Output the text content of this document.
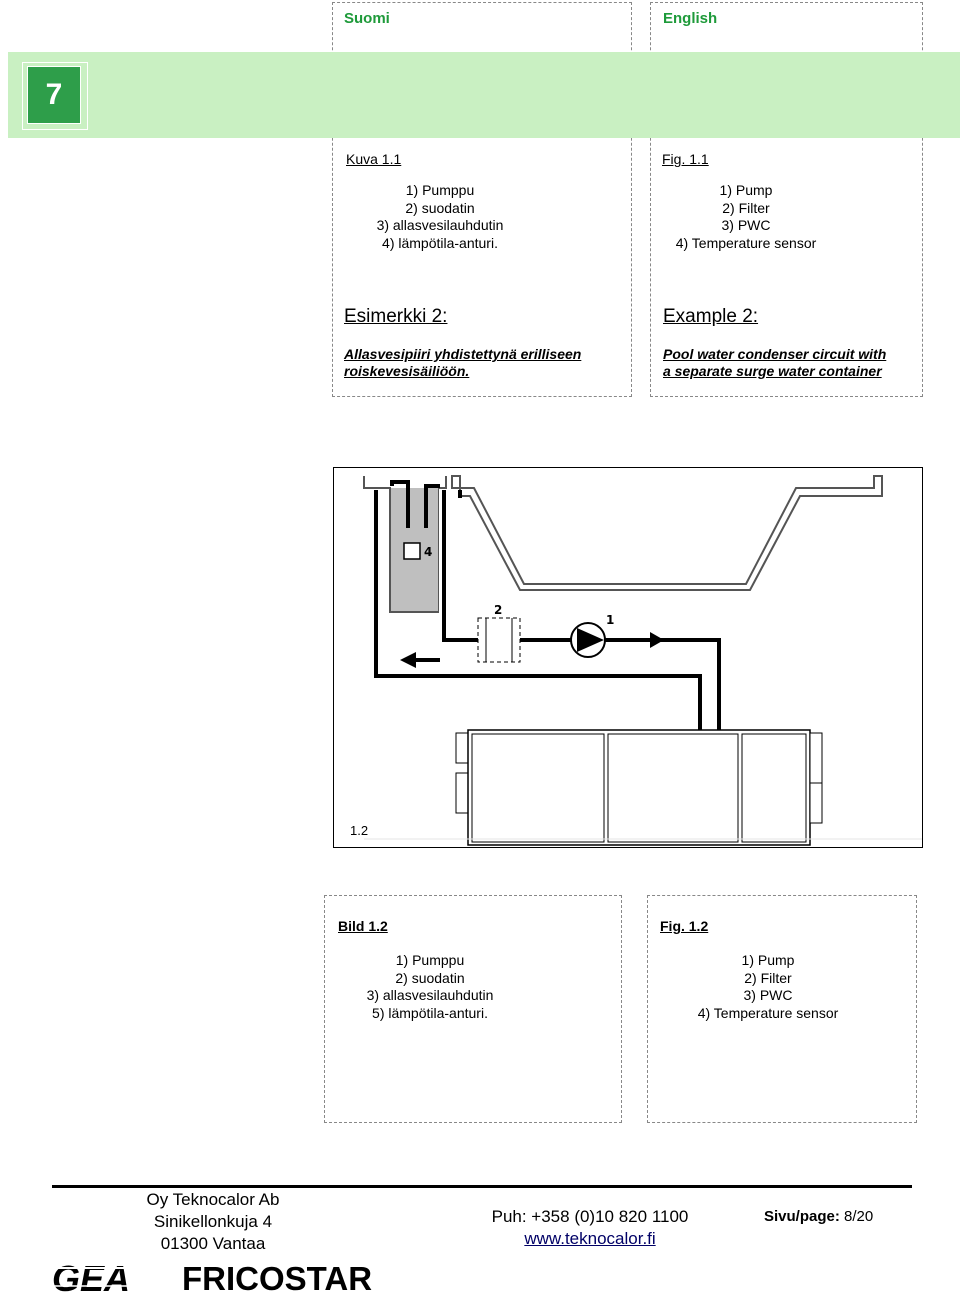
7
Suomi	English
Kuva 1.1
1) Pumppu
2) suodatin
3) allasvesilauhdutin
4) lämpötila-anturi.
Fig. 1.1
1) Pump
2) Filter
3) PWC
4) Temperature sensor
Esimerkki 2:
Allasvesipiiri yhdistettynä erilliseen
roiskevesisäiliöön.
Example 2:
Pool water condenser circuit with
a separate surge water container
4
2
1
1.2
Bild 1.2
1) Pumppu
2) suodatin
3) allasvesilauhdutin
5) lämpötila-anturi.
Fig. 1.2
1) Pump
2) Filter
3) PWC
4) Temperature sensor
Oy Teknocalor Ab
Sinikellonkuja 4
01300 Vantaa
Puh: +358 (0)10 820 1100
www.teknocalor.fi
Sivu/page: 8/20
GEA FRICOSTAR
